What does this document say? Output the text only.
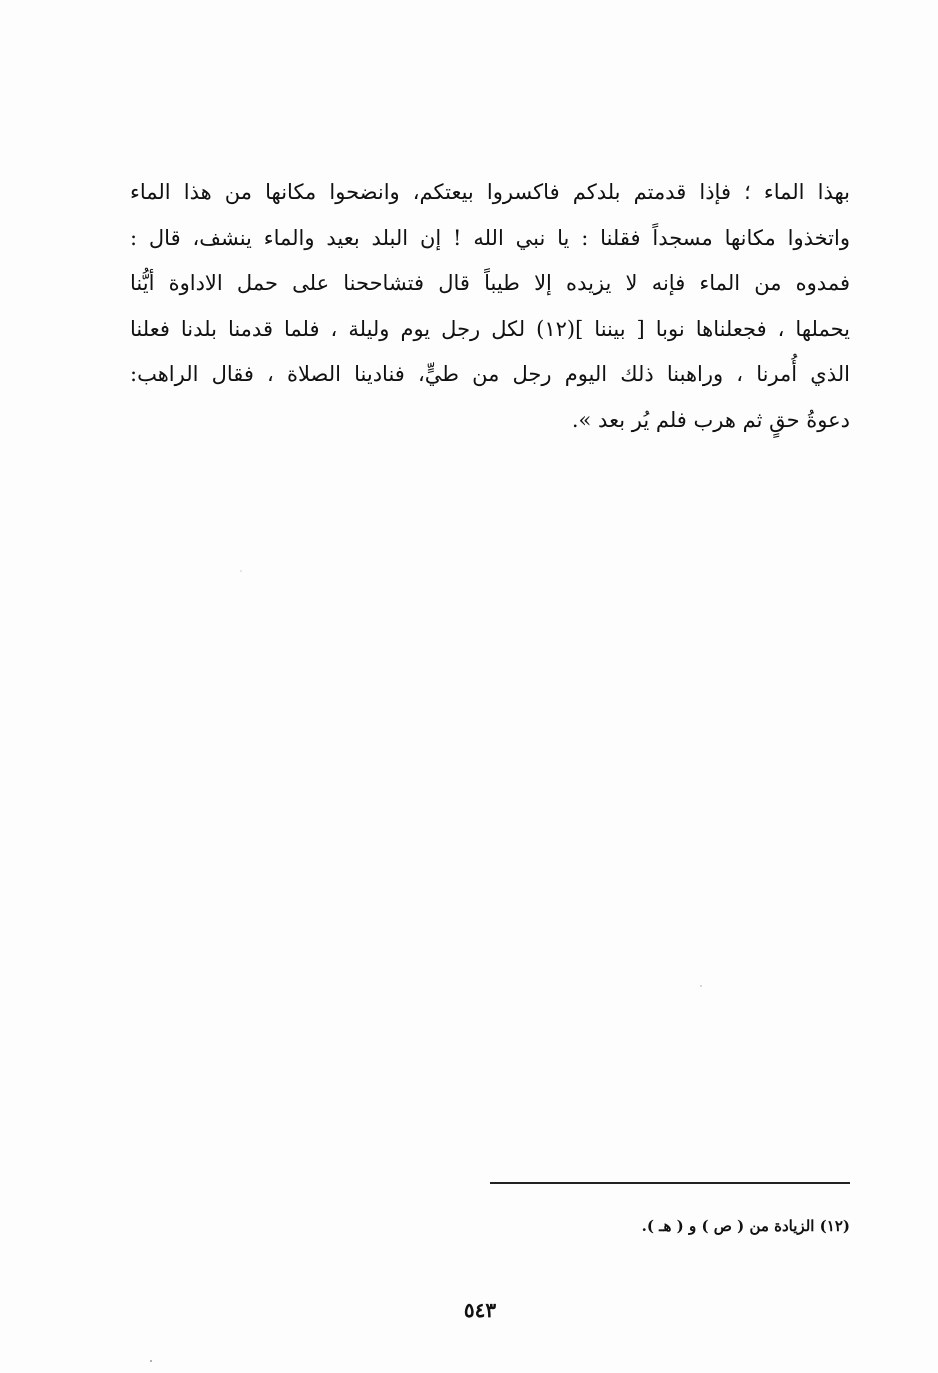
بهذا الماء ؛ فإذا قدمتم بلدكم فاكسروا بيعتكم، وانضحوا مكانها من هذا الماء
واتخذوا مكانها مسجداً فقلنا : يا نبي الله ! إن البلد بعيد والماء ينشف، قال :
فمدوه من الماء فإنه لا يزيده إلا طيباً قال فتشاححنا على حمل الاداوة أيُّنا
يحملها ، فجعلناها نوبا [ بيننا ](١٢) لكل رجل يوم وليلة ، فلما قدمنا بلدنا فعلنا
الذي أُمرنا ، وراهبنا ذلك اليوم رجل من طيٍّ، فنادينا الصلاة ، فقال الراهب:
دعوةُ حقٍ ثم هرب فلم يُر بعد ».
(١٢) الزيادة من ( ص ) و ( هـ ).
٥٤٣
